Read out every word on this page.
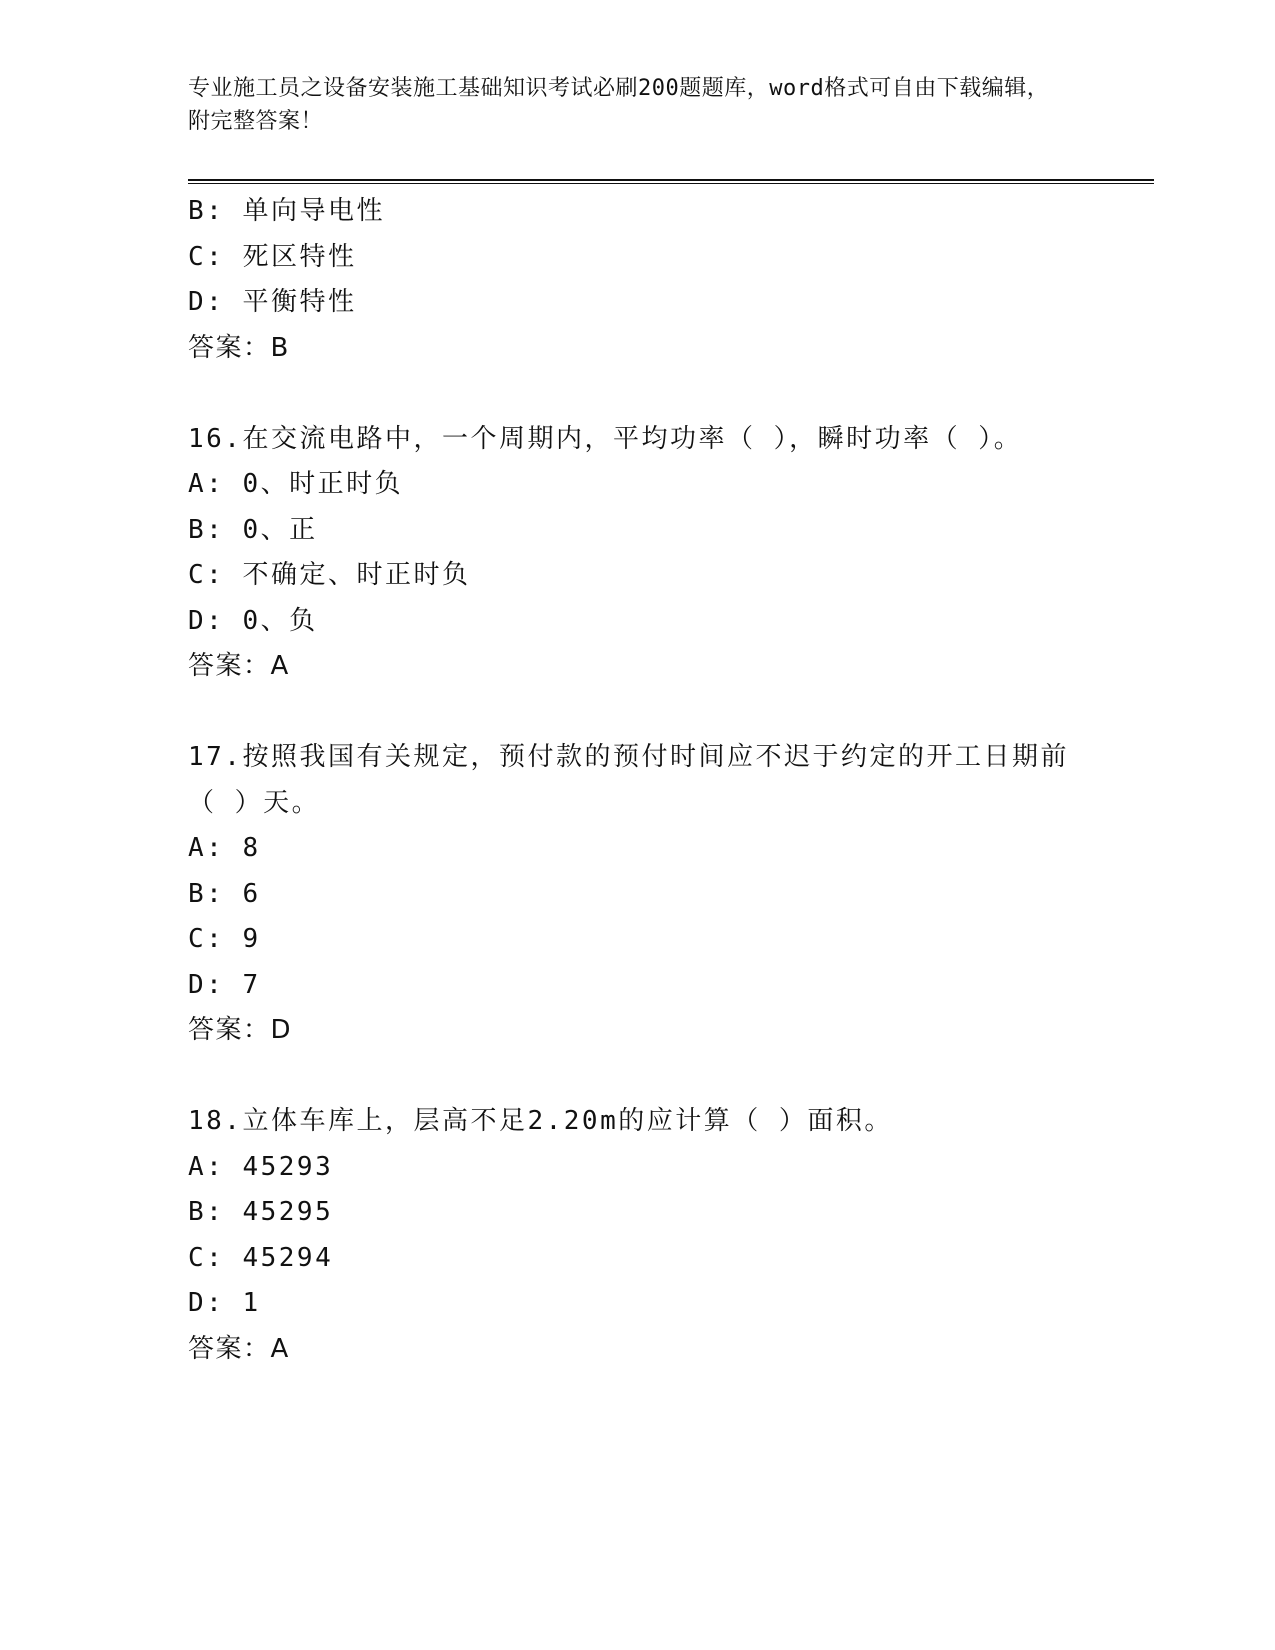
专业施工员之设备安装施工基础知识考试必刷200题题库，word格式可自由下载编辑，附完整答案！
B: 单向导电性
C: 死区特性
D: 平衡特性
答案：B
16.在交流电路中，一个周期内，平均功率（ ），瞬时功率（ ）。
A: 0、时正时负
B: 0、正
C: 不确定、时正时负
D: 0、负
答案：A
17.按照我国有关规定，预付款的预付时间应不迟于约定的开工日期前
（ ）天。
A: 8
B: 6
C: 9
D: 7
答案：D
18.立体车库上，层高不足2.20m的应计算（ ）面积。
A: 45293
B: 45295
C: 45294
D: 1
答案：A
